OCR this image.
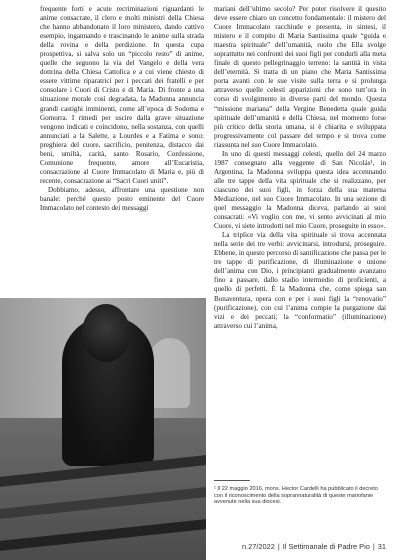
frequente forti e acute recriminazioni riguardanti le anime consacrate, il clero e molti ministri della Chiesa che hanno abbandonato il loro ministero, dando cattivo esempio, ingannando e trascinando le anime sulla strada della rovina e della perdizione. In questa cupa prospettiva, si salva solo un “piccolo resto” di anime, quelle che seguono la via del Vangelo e della vera dottrina della Chiesa Cattolica e a cui viene chiesto di essere vittime riparatrici per i peccati dei fratelli e per consolare i Cuori di Cristo e di Maria. Di fronte a una situazione morale così degradata, la Madonna annuncia grandi castighi imminenti, come all’epoca di Sodoma e Gomorra. I rimedi per uscire dalla grave situazione vengono indicati e coincidono, nella sostanza, con quelli annunciati a la Salette, a Lourdes e a Fatima e sono: preghiera del cuore, sacrificio, penitenza, distacco dai beni, umiltà, carità, santo Rosario, Confessione, Comunione frequente, amore all’Eucaristia, consacrazione al Cuore Immacolato di Maria e, più di recente, consacrazione ai “Sacri Cuori uniti”.

Dobbiamo, adesso, affrontare una questione non banale: perché questo posto eminente del Cuore Immacolato nel contesto dei messaggi

mariani dell’ultimo secolo? Per poter risolvere il quesito deve essere chiaro un concetto fondamentale: il mistero del Cuore Immacolato racchiude e presenta, in sintesi, il mistero e il compito di Maria Santissima quale “guida e maestra spirituale” dell’umanità, ruolo che Ella svolge soprattutto nei confronti dei suoi figli per condurli alla meta finale di questo pellegrinaggio terreno: la santità in vista dell’eternità. Si tratta di un piano che Maria Santissima porta avanti con le sue visite sulla terra e si prolunga attraverso quelle celesti apparizioni che sono tutt’ora in corso di svolgimento in diverse parti del mondo. Questa “missione mariana” della Vergine Benedetta quale guida spirituale dell’umanità e della Chiesa, nel momento forse più critico della storia umana, si è chiarita e sviluppata progressivamente col passare del tempo e si trova come riassunta nel suo Cuore Immacolato.

In uno di questi messaggi celesti, quello del 24 marzo 1987 consegnato alla veggente di San Nicolás¹, in Argentina, la Madonna sviluppa questa idea accennando alle tre tappe della vita spirituale che si realizzano, per ciascuno dei suoi figli, in forza della sua materna Mediazione, nel suo Cuore Immacolato. In una sezione di quel messaggio la Madonna diceva, parlando ai suoi consacrati: «Vi voglio con me, vi sento avvicinati al mio Cuore, vi siete introdotti nel mio Cuore, proseguite in esso».

La triplice via della vita spirituale si trova accennata nella serie dei tre verbi: avvicinarsi, introdursi, proseguire. Ebbene, in questo percorso di santificazione che passa per le tre tappe di purificazione, di illuminazione e unione dell’anima con Dio, i principianti gradualmente avanzano fino a passare, dallo stadio intermedio di proficienti, a quello di perfetti. È la Madonna che, come spiega san Bonaventura, opera con e per i suoi figli la “renovatio” (purificazione), con cui l’anima compie la purgazione dai vizi e dei peccati; la “conformatio” (illuminazione) attraverso cui l’anima,

¹ Il 22 maggio 2016, mons. Hector Cardelli ha pubblicato il decreto con il riconoscimento della soprannaturalità di queste mariofanie avvenute nella sua diocesi.
n.27/2022 | Il Settimanale di Padre Pio | 31
